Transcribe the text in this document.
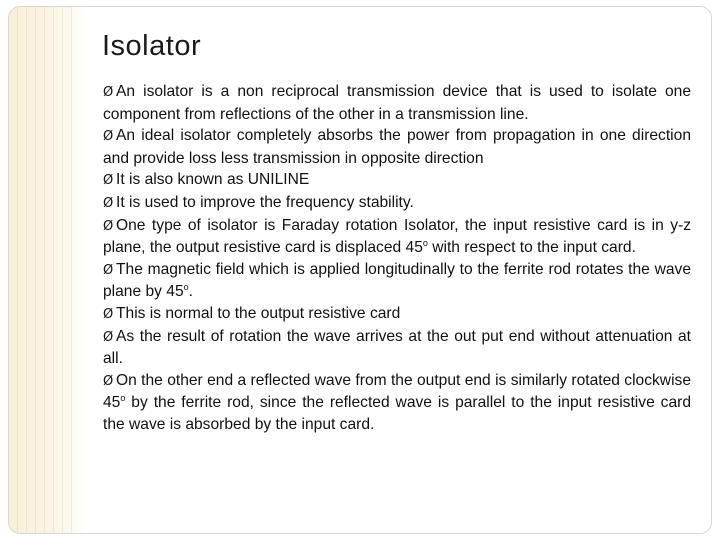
Isolator

Ø An isolator is a non reciprocal transmission device that is used to isolate one component from reflections of the other in a transmission line.

Ø An ideal isolator completely absorbs the power from propagation in one direction and provide loss less transmission in opposite direction

Ø It is also known as UNILINE

Ø It is used to improve the frequency stability.

Ø One type of isolator is Faraday rotation Isolator, the input resistive card is in y-z plane, the output resistive card is displaced 45$^o$ with respect to the input card.

Ø The magnetic field which is applied longitudinally to the ferrite rod rotates the wave plane by 45$^o$.

Ø This is normal to the output resistive card

Ø As the result of rotation the wave arrives at the out put end without attenuation at all.

Ø On the other end a reflected wave from the output end is similarly rotated clockwise 45$^o$ by the ferrite rod, since the reflected wave is parallel to the input resistive card the wave is absorbed by the input card.
